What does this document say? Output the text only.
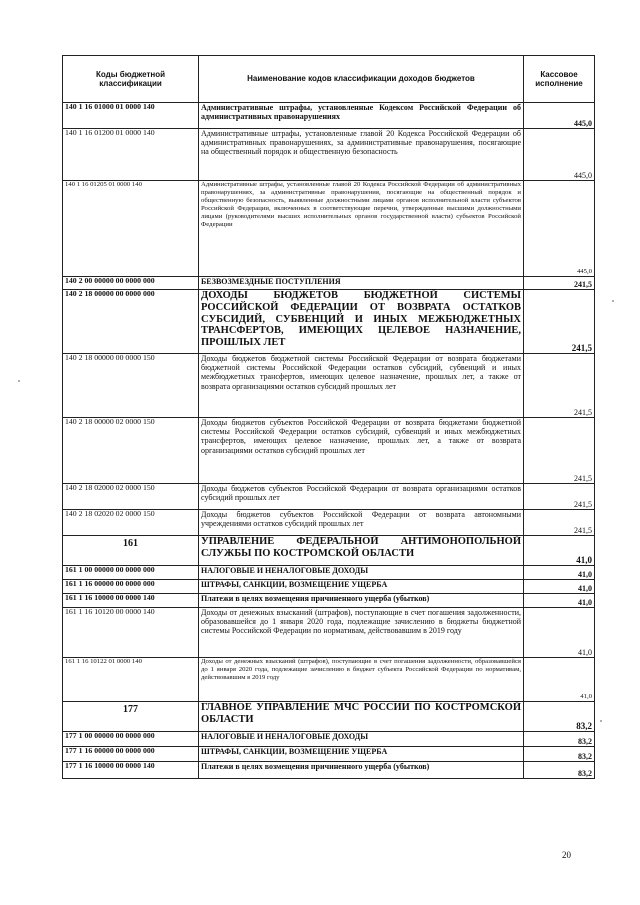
Коды бюджетной классификации	Наименование кодов классификации доходов бюджетов	Кассовое исполнение
140 1 16 01000 01 0000 140	Административные штрафы, установленные Кодексом Российской Федерации об административных правонарушениях	445,0
140 1 16 01200 01 0000 140	Административные штрафы, установленные главой 20 Кодекса Российской Федерации об административных правонарушениях, за административные правонарушения, посягающие на общественный порядок и общественную безопасность	445,0
140 1 16 01205 01 0000 140	Административные штрафы, установленные главой 20 Кодекса Российской Федерации об административных правонарушениях, за административные правонарушения, посягающие на общественный порядок и общественную безопасность, выявленные должностными лицами органов исполнительной власти субъектов Российской Федерации, включенных в соответствующие перечни, утвержденные высшими должностными лицами (руководителями высших исполнительных органов государственной власти) субъектов Российской Федерации	445,0
140 2 00 00000 00 0000 000	БЕЗВОЗМЕЗДНЫЕ ПОСТУПЛЕНИЯ	241,5
140 2 18 00000 00 0000 000	ДОХОДЫ БЮДЖЕТОВ БЮДЖЕТНОЙ СИСТЕМЫ РОССИЙСКОЙ ФЕДЕРАЦИИ ОТ ВОЗВРАТА ОСТАТКОВ СУБСИДИЙ, СУБВЕНЦИЙ И ИНЫХ МЕЖБЮДЖЕТНЫХ ТРАНСФЕРТОВ, ИМЕЮЩИХ ЦЕЛЕВОЕ НАЗНАЧЕНИЕ, ПРОШЛЫХ ЛЕТ	241,5
140 2 18 00000 00 0000 150	Доходы бюджетов бюджетной системы Российской Федерации от возврата бюджетами бюджетной системы Российской Федерации остатков субсидий, субвенций и иных межбюджетных трансфертов, имеющих целевое назначение, прошлых лет, а также от возврата организациями остатков субсидий прошлых лет	241,5
140 2 18 00000 02 0000 150	Доходы бюджетов субъектов Российской Федерации от возврата бюджетами бюджетной системы Российской Федерации остатков субсидий, субвенций и иных межбюджетных трансфертов, имеющих целевое назначение, прошлых лет, а также от возврата организациями остатков субсидий прошлых лет	241,5
140 2 18 02000 02 0000 150	Доходы бюджетов субъектов Российской Федерации от возврата организациями остатков субсидий прошлых лет	241,5
140 2 18 02020 02 0000 150	Доходы бюджетов субъектов Российской Федерации от возврата автономными учреждениями остатков субсидий прошлых лет	241,5
161	УПРАВЛЕНИЕ ФЕДЕРАЛЬНОЙ АНТИМОНОПОЛЬНОЙ СЛУЖБЫ ПО КОСТРОМСКОЙ ОБЛАСТИ	41,0
161 1 00 00000 00 0000 000	НАЛОГОВЫЕ И НЕНАЛОГОВЫЕ ДОХОДЫ	41,0
161 1 16 00000 00 0000 000	ШТРАФЫ, САНКЦИИ, ВОЗМЕЩЕНИЕ УЩЕРБА	41,0
161 1 16 10000 00 0000 140	Платежи в целях возмещения причиненного ущерба (убытков)	41,0
161 1 16 10120 00 0000 140	Доходы от денежных взысканий (штрафов), поступающие в счет погашения задолженности, образовавшейся до 1 января 2020 года, подлежащие зачислению в бюджеты бюджетной системы Российской Федерации по нормативам, действовавшим в 2019 году	41,0
161 1 16 10122 01 0000 140	Доходы от денежных взысканий (штрафов), поступающие в счет погашения задолженности, образовавшейся до 1 января 2020 года, подлежащие зачислению в бюджет субъекта Российской Федерации по нормативам, действовавшим в 2019 году	41,0
177	ГЛАВНОЕ УПРАВЛЕНИЕ МЧС РОССИИ ПО КОСТРОМСКОЙ ОБЛАСТИ	83,2
177 1 00 00000 00 0000 000	НАЛОГОВЫЕ И НЕНАЛОГОВЫЕ ДОХОДЫ	83,2
177 1 16 00000 00 0000 000	ШТРАФЫ, САНКЦИИ, ВОЗМЕЩЕНИЕ УЩЕРБА	83,2
177 1 16 10000 00 0000 140	Платежи в целях возмещения причиненного ущерба (убытков)	83,2
20
